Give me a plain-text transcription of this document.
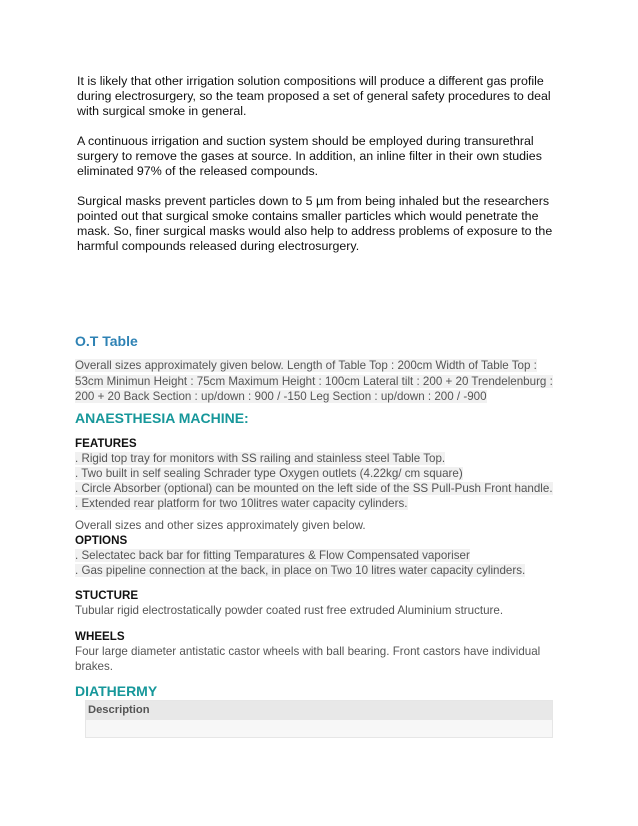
It is likely that other irrigation solution compositions will produce a different gas profile during electrosurgery, so the team proposed a set of general safety procedures to deal with surgical smoke in general.

A continuous irrigation and suction system should be employed during transurethral surgery to remove the gases at source. In addition, an inline filter in their own studies eliminated 97% of the released compounds.

Surgical masks prevent particles down to 5 µm from being inhaled but the researchers pointed out that surgical smoke contains smaller particles which would penetrate the mask. So, finer surgical masks would also help to address problems of exposure to the harmful compounds released during electrosurgery.

O.T Table
Overall sizes approximately given below. Length of Table Top : 200cm Width of Table Top : 53cm Minimun Height : 75cm Maximum Height : 100cm Lateral tilt : 200 + 20 Trendelenburg : 200 + 20 Back Section : up/down : 900 / -150 Leg Section : up/down : 200 / -900
ANAESTHESIA MACHINE:
FEATURES
. Rigid top tray for monitors with SS railing and stainless steel Table Top.
. Two built in self sealing Schrader type Oxygen outlets (4.22kg/ cm square)
. Circle Absorber (optional) can be mounted on the left side of the SS Pull-Push Front handle.
. Extended rear platform for two 10litres water capacity cylinders.
Overall sizes and other sizes approximately given below.
OPTIONS
. Selectatec back bar for fitting Temparatures & Flow Compensated vaporiser
. Gas pipeline connection at the back, in place on Two 10 litres water capacity cylinders.
STUCTURE
Tubular rigid electrostatically powder coated rust free extruded Aluminium structure.
WHEELS
Four large diameter antistatic castor wheels with ball bearing. Front castors have individual brakes.
DIATHERMY
Description
